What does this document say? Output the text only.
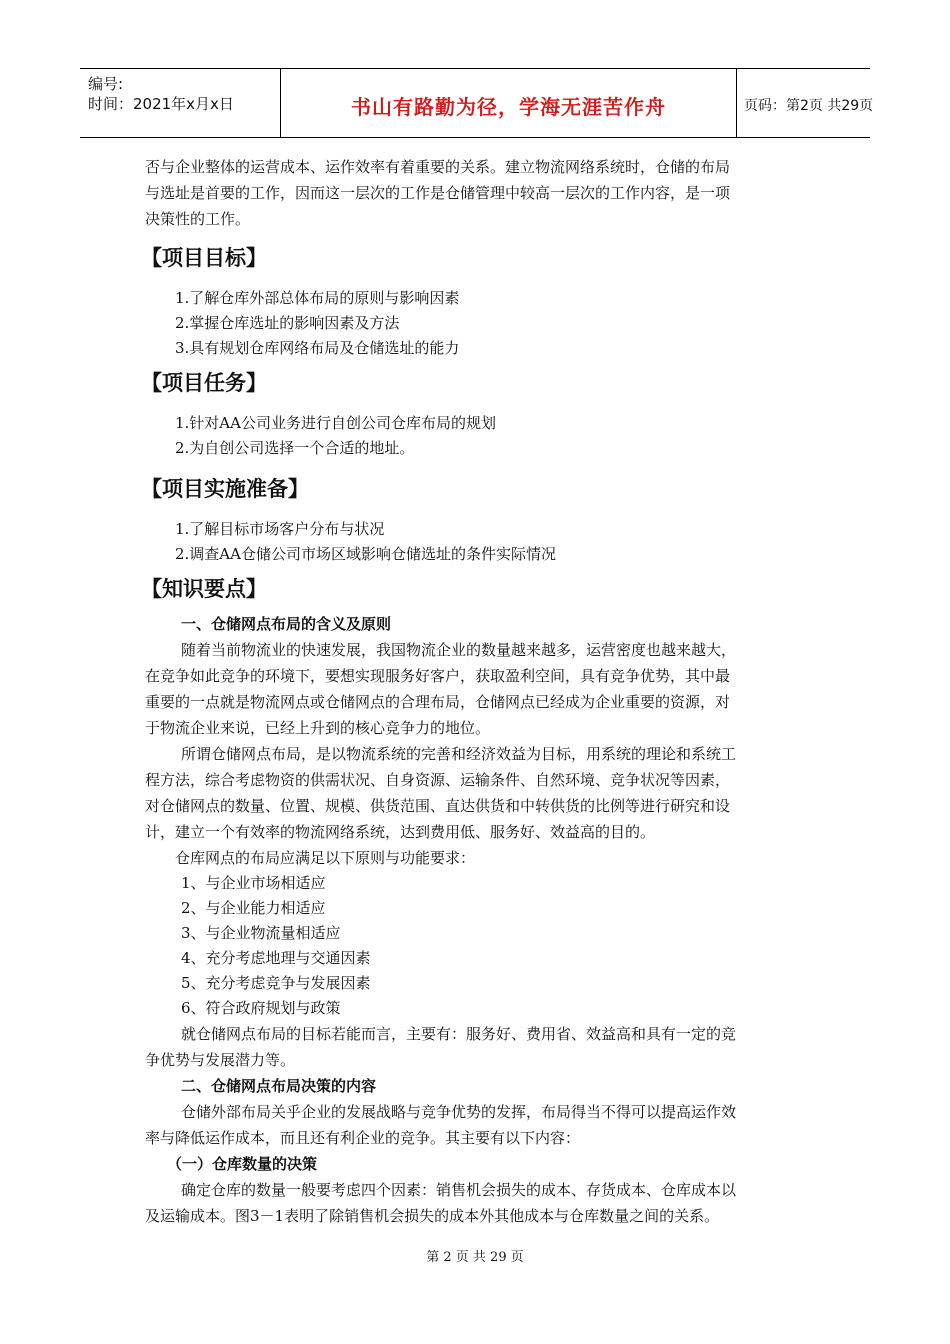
编号:
时间：2021年x月x日	书山有路勤为径，学海无涯苦作舟	页码：第2页 共29页
否与企业整体的运营成本、运作效率有着重要的关系。建立物流网络系统时，仓储的布局
与选址是首要的工作，因而这一层次的工作是仓储管理中较高一层次的工作内容，是一项
决策性的工作。
【项目目标】
1.了解仓库外部总体布局的原则与影响因素
2.掌握仓库选址的影响因素及方法
3.具有规划仓库网络布局及仓储选址的能力
【项目任务】
1.针对AA公司业务进行自创公司仓库布局的规划
2.为自创公司选择一个合适的地址。
【项目实施准备】
1.了解目标市场客户分布与状况
2.调查AA仓储公司市场区域影响仓储选址的条件实际情况
【知识要点】
一、仓储网点布局的含义及原则
随着当前物流业的快速发展，我国物流企业的数量越来越多，运营密度也越来越大，
在竞争如此竞争的环境下，要想实现服务好客户，获取盈利空间，具有竞争优势，其中最
重要的一点就是物流网点或仓储网点的合理布局，仓储网点已经成为企业重要的资源，对
于物流企业来说，已经上升到的核心竞争力的地位。
所谓仓储网点布局，是以物流系统的完善和经济效益为目标，用系统的理论和系统工
程方法，综合考虑物资的供需状况、自身资源、运输条件、自然环境、竞争状况等因素，
对仓储网点的数量、位置、规模、供货范围、直达供货和中转供货的比例等进行研究和设
计，建立一个有效率的物流网络系统，达到费用低、服务好、效益高的目的。
仓库网点的布局应满足以下原则与功能要求：
1、与企业市场相适应
2、与企业能力相适应
3、与企业物流量相适应
4、充分考虑地理与交通因素
5、充分考虑竞争与发展因素
6、符合政府规划与政策
就仓储网点布局的目标若能而言，主要有：服务好、费用省、效益高和具有一定的竞
争优势与发展潜力等。
二、仓储网点布局决策的内容
仓储外部布局关乎企业的发展战略与竞争优势的发挥，布局得当不得可以提高运作效
率与降低运作成本，而且还有利企业的竞争。其主要有以下内容：
（一）仓库数量的决策
确定仓库的数量一般要考虑四个因素：销售机会损失的成本、存货成本、仓库成本以
及运输成本。图3－1表明了除销售机会损失的成本外其他成本与仓库数量之间的关系。
第 2 页 共 29 页
